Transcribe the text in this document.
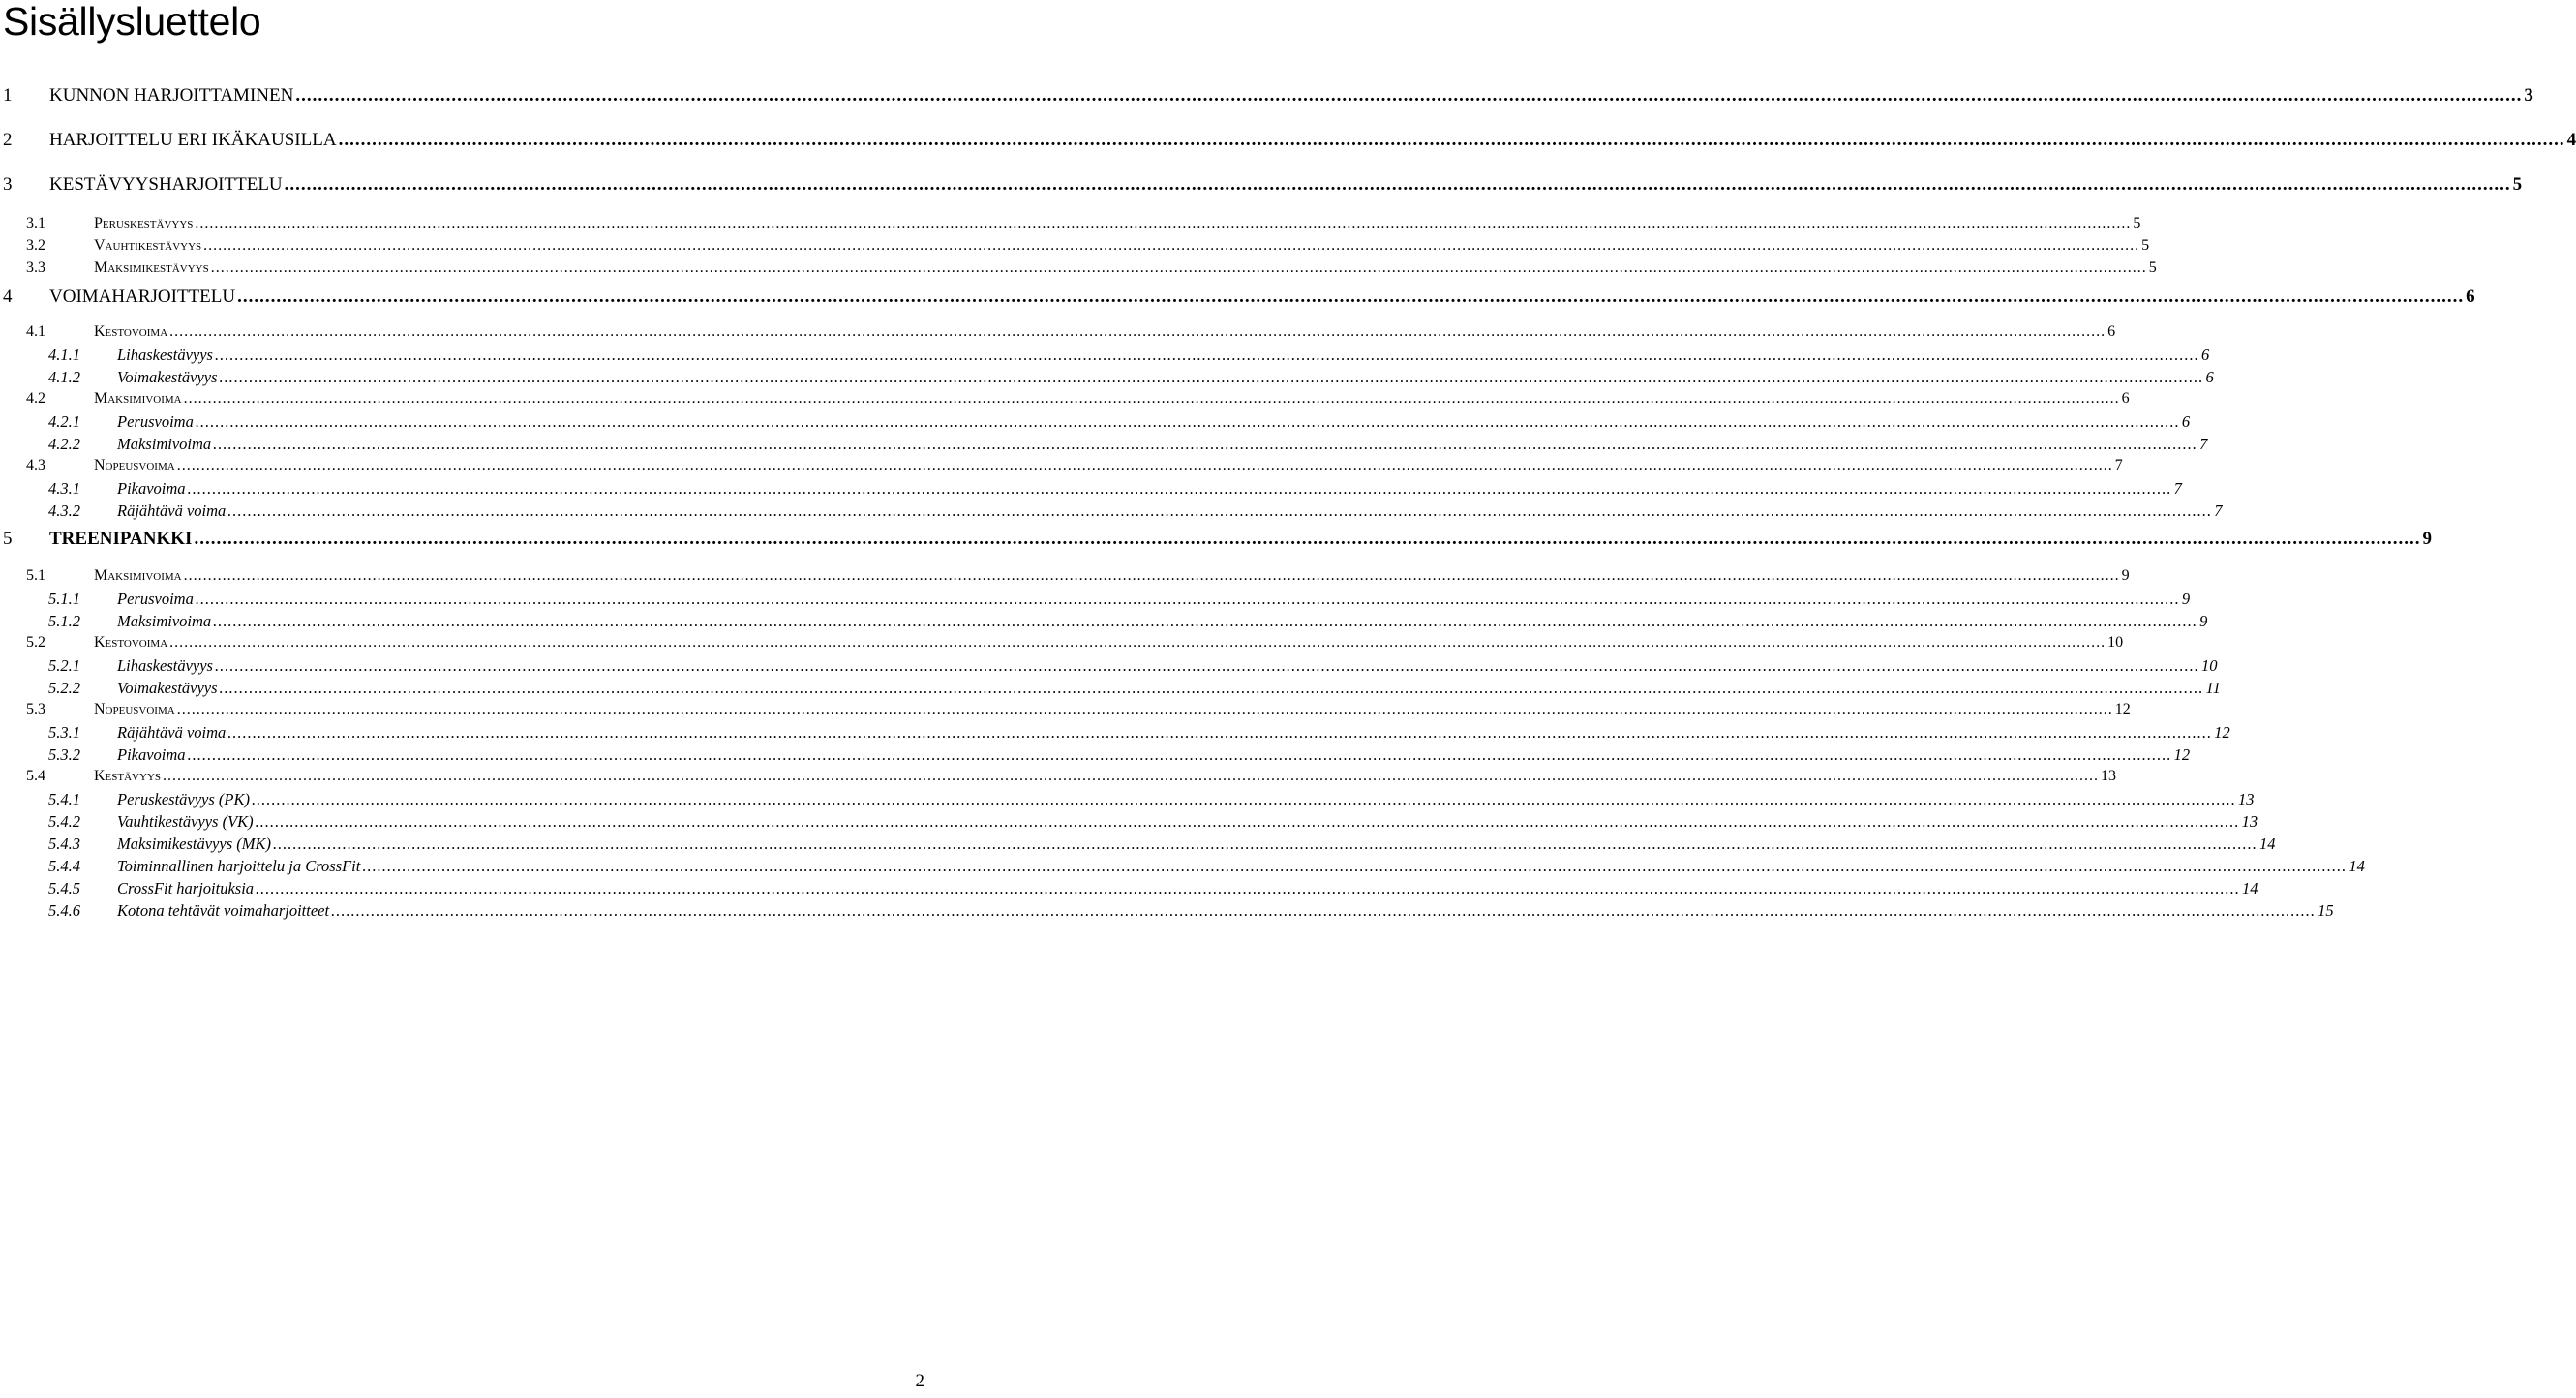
Sisällysluettelo
1	KUNNON HARJOITTAMINEN ................................................................................................................................................................................................................................................................................................................................................................................................................ 3
2	HARJOITTELU ERI IKÄKAUSILLA ................................................................................................................................................................................................................................................................................................................................................................................................................ 4
3	KESTÄVYYSHARJOITTELU ................................................................................................................................................................................................................................................................................................................................................................................................................ 5
3.1	Peruskestävyys ................................................................................................................................................................................................................................................................................................................................................................................................................ 5
3.2	Vauhtikestävyys ................................................................................................................................................................................................................................................................................................................................................................................................................ 5
3.3	Maksimikestävyys ................................................................................................................................................................................................................................................................................................................................................................................................................ 5
4	VOIMAHARJOITTELU ................................................................................................................................................................................................................................................................................................................................................................................................................ 6
4.1	Kestovoima ................................................................................................................................................................................................................................................................................................................................................................................................................ 6
4.1.1	Lihaskestävyys ................................................................................................................................................................................................................................................................................................................................................................................................................ 6
4.1.2	Voimakestävyys ................................................................................................................................................................................................................................................................................................................................................................................................................ 6
4.2	Maksimivoima ................................................................................................................................................................................................................................................................................................................................................................................................................ 6
4.2.1	Perusvoima ................................................................................................................................................................................................................................................................................................................................................................................................................ 6
4.2.2	Maksimivoima ................................................................................................................................................................................................................................................................................................................................................................................................................ 7
4.3	Nopeusvoima ................................................................................................................................................................................................................................................................................................................................................................................................................ 7
4.3.1	Pikavoima ................................................................................................................................................................................................................................................................................................................................................................................................................ 7
4.3.2	Räjähtävä voima ................................................................................................................................................................................................................................................................................................................................................................................................................ 7
5	TREENIPANKKI ................................................................................................................................................................................................................................................................................................................................................................................................................ 9
5.1	Maksimivoima ................................................................................................................................................................................................................................................................................................................................................................................................................ 9
5.1.1	Perusvoima ................................................................................................................................................................................................................................................................................................................................................................................................................ 9
5.1.2	Maksimivoima ................................................................................................................................................................................................................................................................................................................................................................................................................ 9
5.2	Kestovoima ................................................................................................................................................................................................................................................................................................................................................................................................................ 10
5.2.1	Lihaskestävyys ................................................................................................................................................................................................................................................................................................................................................................................................................ 10
5.2.2	Voimakestävyys ................................................................................................................................................................................................................................................................................................................................................................................................................ 11
5.3	Nopeusvoima ................................................................................................................................................................................................................................................................................................................................................................................................................ 12
5.3.1	Räjähtävä voima ................................................................................................................................................................................................................................................................................................................................................................................................................ 12
5.3.2	Pikavoima ................................................................................................................................................................................................................................................................................................................................................................................................................ 12
5.4	Kestävyys ................................................................................................................................................................................................................................................................................................................................................................................................................ 13
5.4.1	Peruskestävyys (PK) ................................................................................................................................................................................................................................................................................................................................................................................................................ 13
5.4.2	Vauhtikestävyys (VK) ................................................................................................................................................................................................................................................................................................................................................................................................................ 13
5.4.3	Maksimikestävyys (MK) ................................................................................................................................................................................................................................................................................................................................................................................................................ 14
5.4.4	Toiminnallinen harjoittelu ja CrossFit ................................................................................................................................................................................................................................................................................................................................................................................................................ 14
5.4.5	CrossFit harjoituksia ................................................................................................................................................................................................................................................................................................................................................................................................................ 14
5.4.6	Kotona tehtävät voimaharjoitteet ................................................................................................................................................................................................................................................................................................................................................................................................................ 15
2
